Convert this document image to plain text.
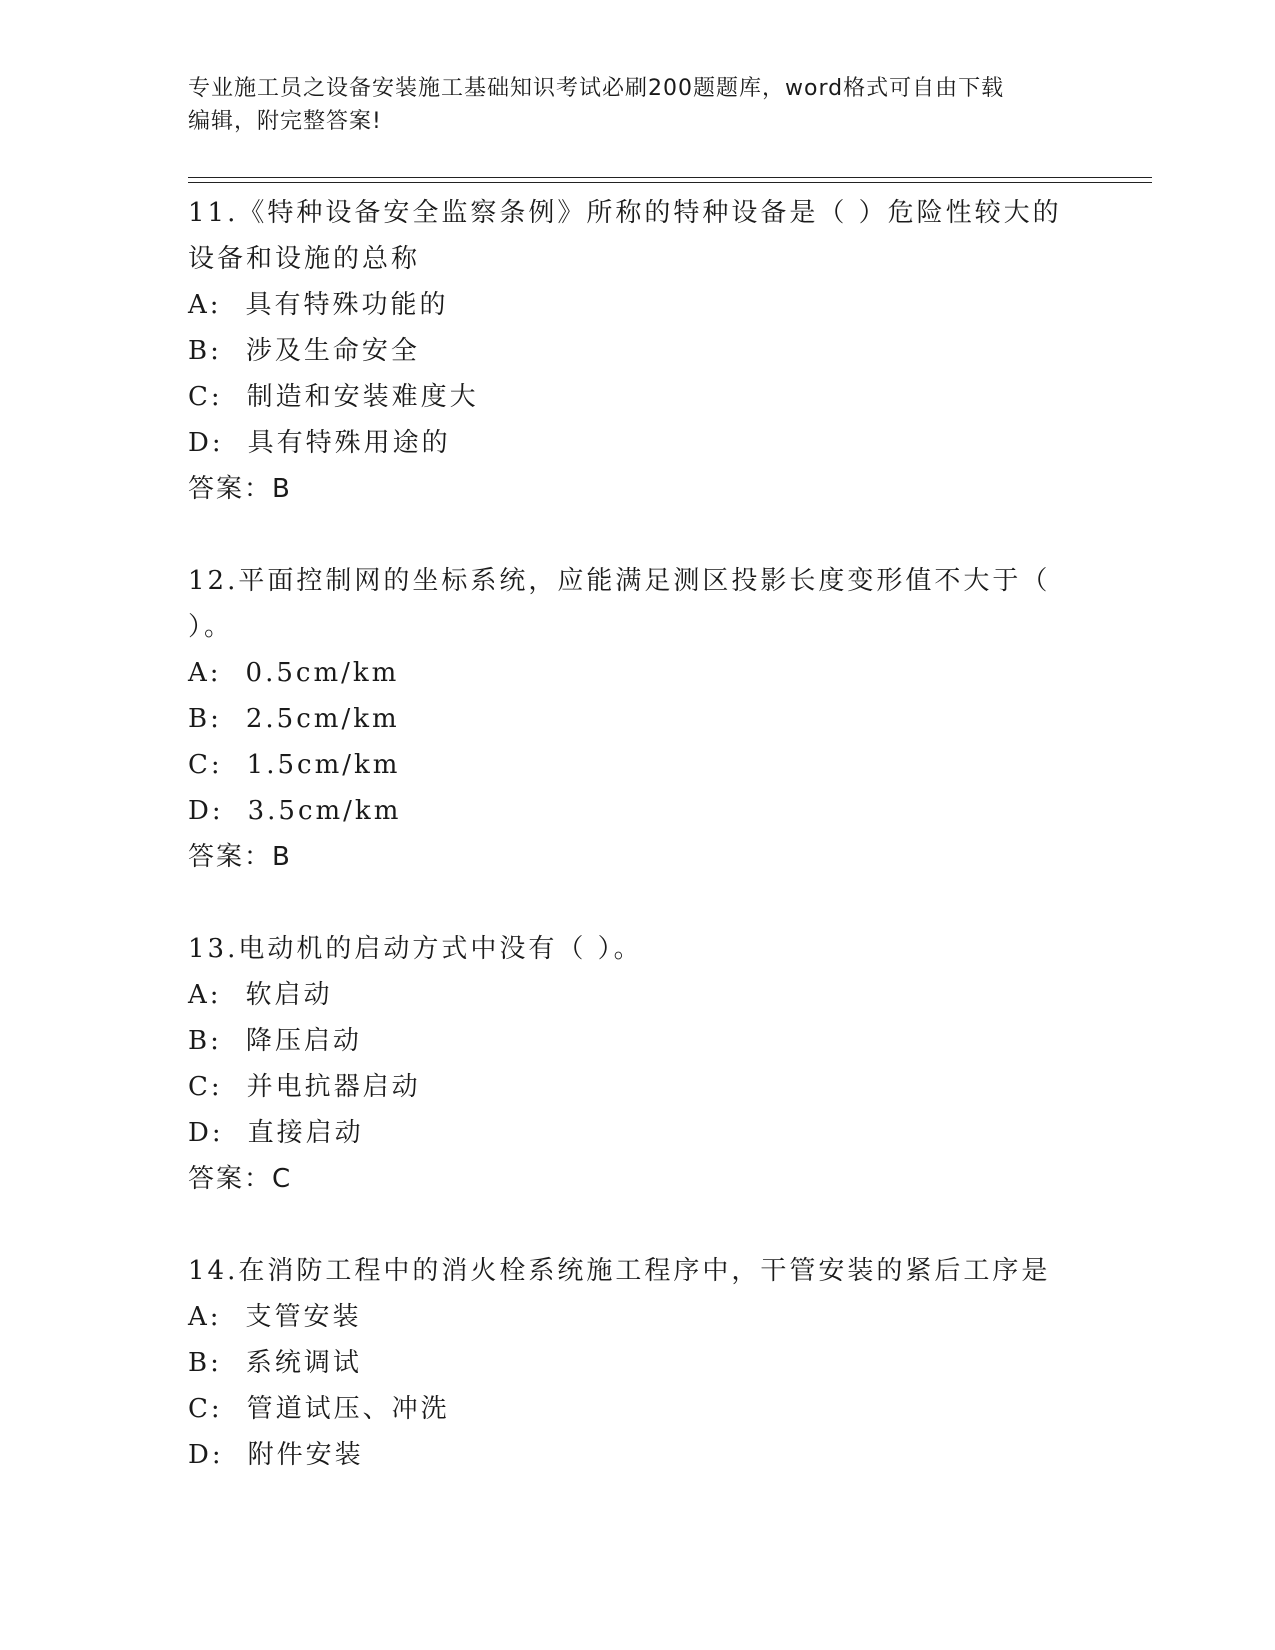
专业施工员之设备安装施工基础知识考试必刷200题题库，word格式可自由下载
编辑，附完整答案!

11.《特种设备安全监察条例》所称的特种设备是（ ）危险性较大的

设备和设施的总称

A: 具有特殊功能的

B: 涉及生命安全

C: 制造和安装难度大

D: 具有特殊用途的

答案：B

12.平面控制网的坐标系统，应能满足测区投影长度变形值不大于（

）。

A: 0.5cm/km

B: 2.5cm/km

C: 1.5cm/km

D: 3.5cm/km

答案：B

13.电动机的启动方式中没有（ ）。

A: 软启动

B: 降压启动

C: 并电抗器启动

D: 直接启动

答案：C

14.在消防工程中的消火栓系统施工程序中，干管安装的紧后工序是

A: 支管安装

B: 系统调试

C: 管道试压、冲洗

D: 附件安装
